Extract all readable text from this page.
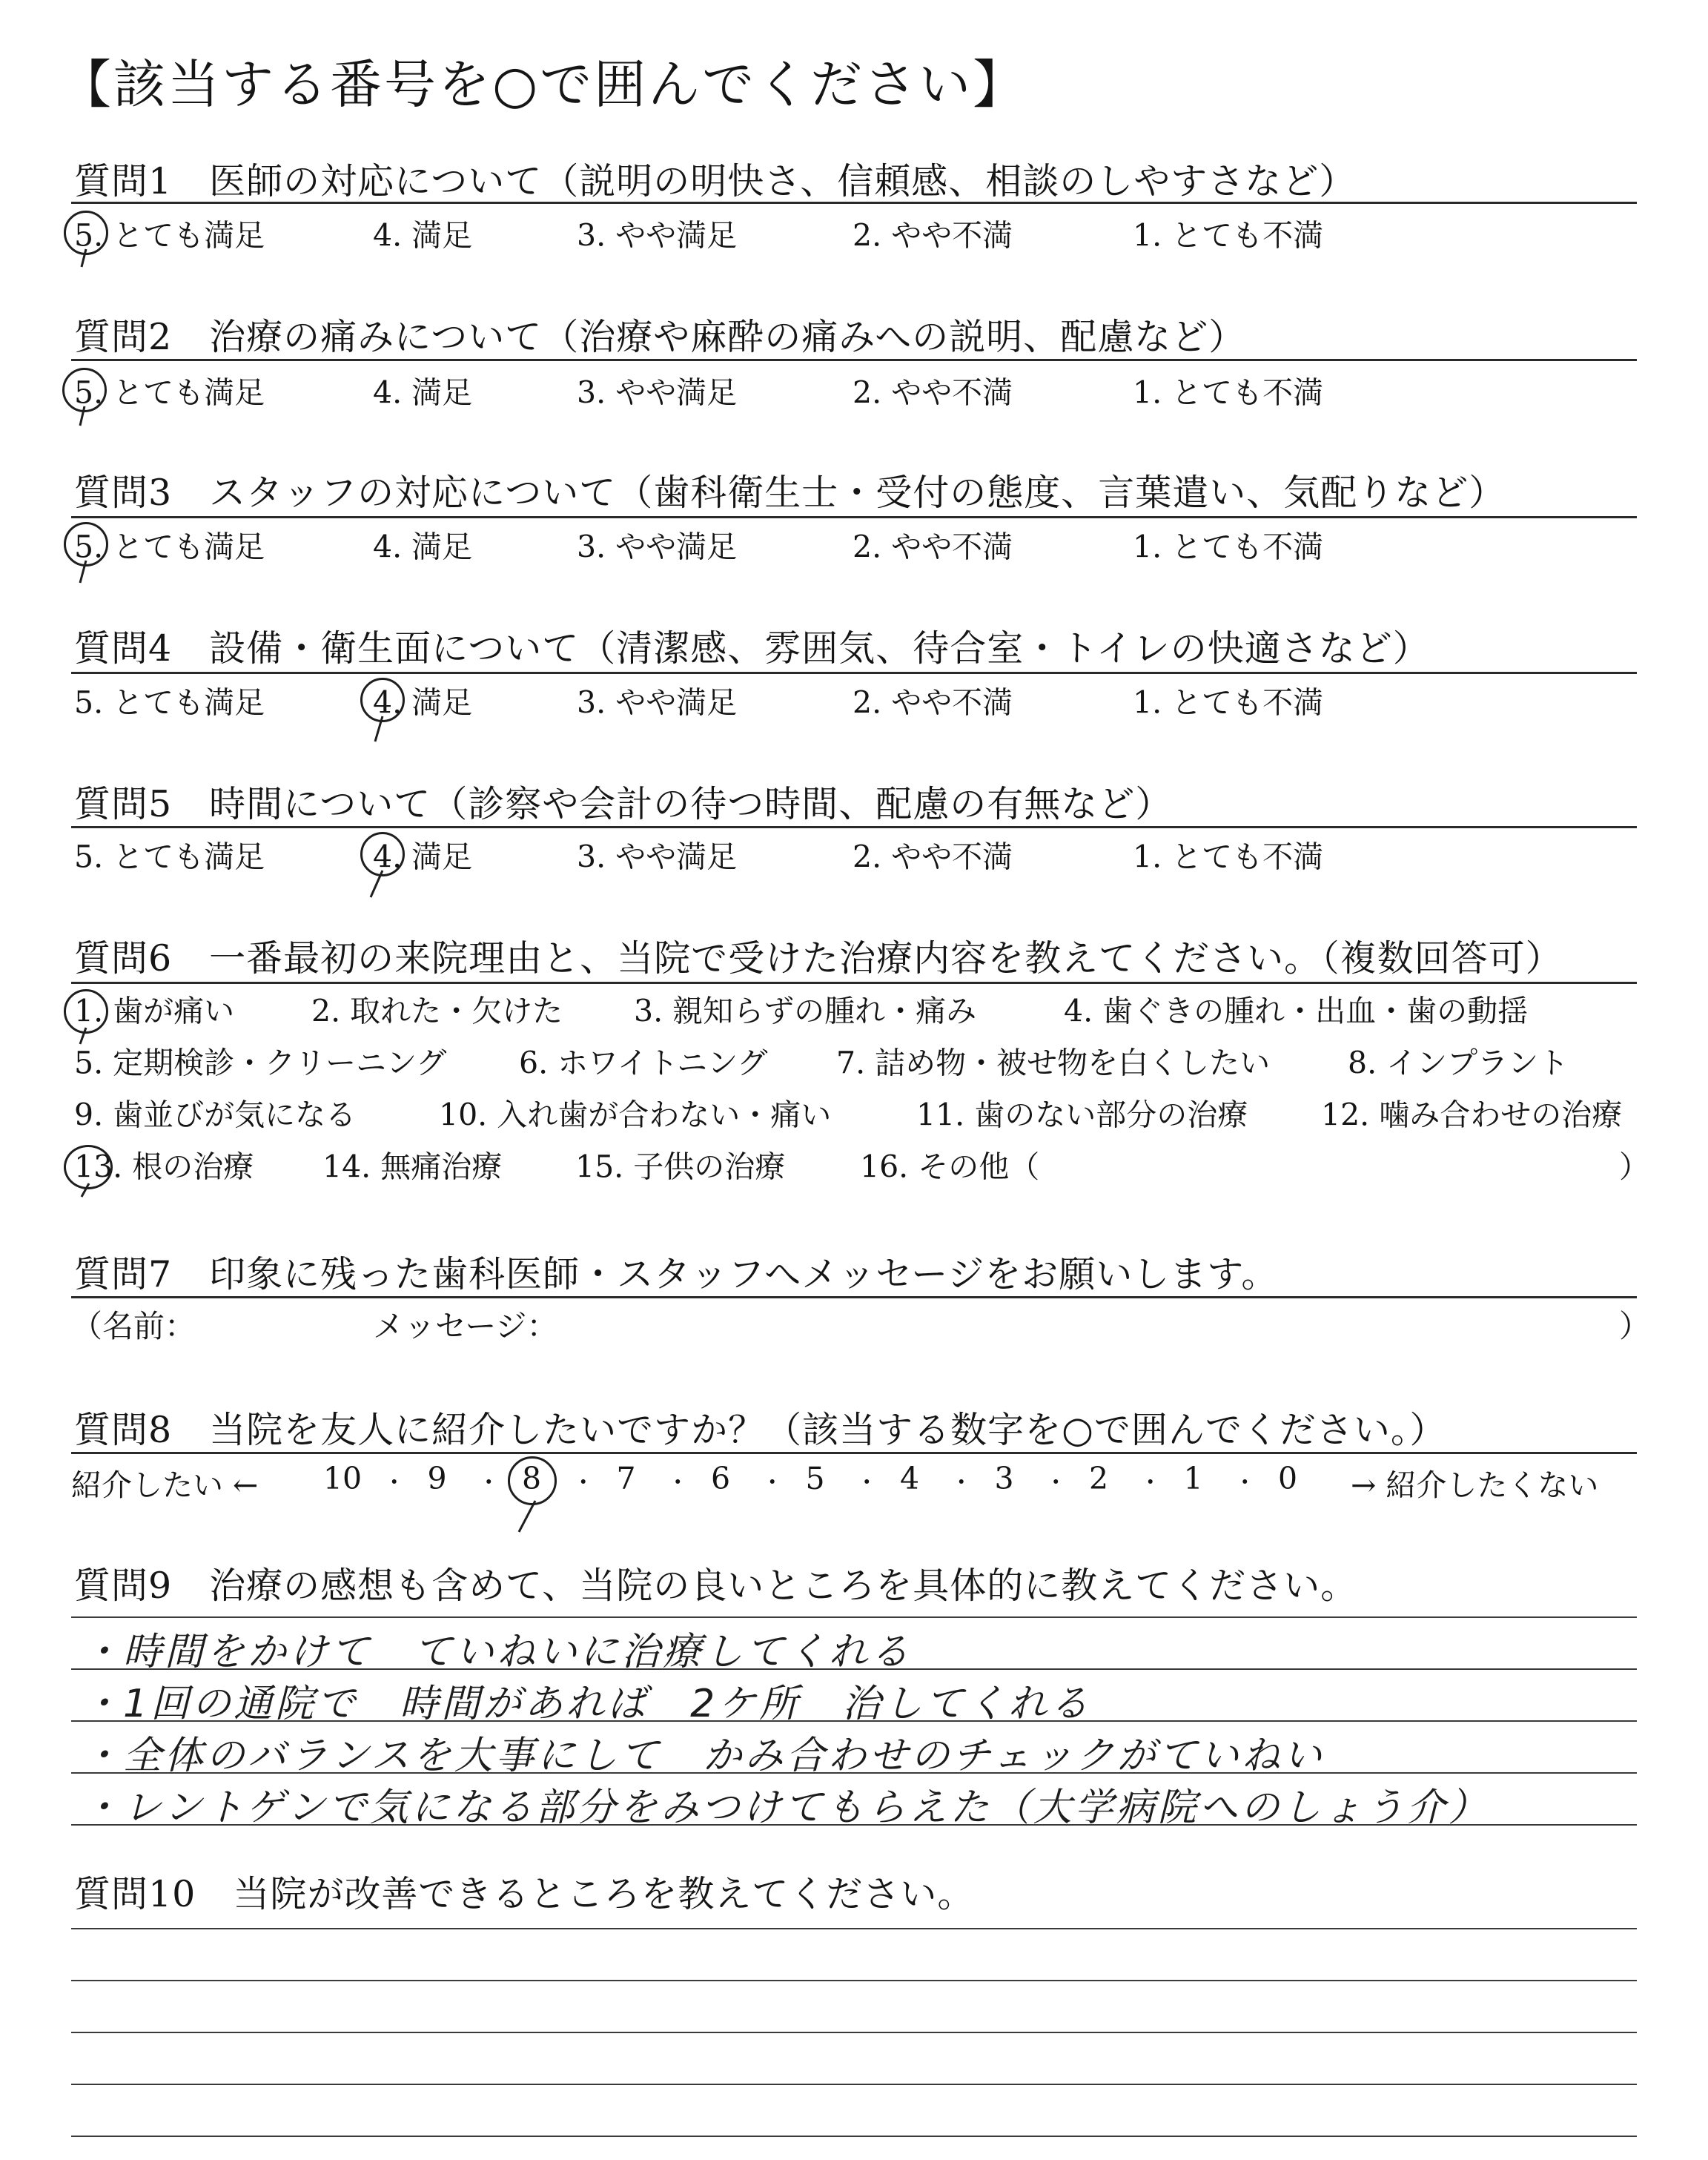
【該当する番号を○で囲んでください】
質問1　医師の対応について（説明の明快さ、信頼感、相談のしやすさなど）
5. とても満足	4. 満足	3. やや満足	2. やや不満	1. とても不満
質問2　治療の痛みについて（治療や麻酔の痛みへの説明、配慮など）
5. とても満足	4. 満足	3. やや満足	2. やや不満	1. とても不満
質問3　スタッフの対応について（歯科衛生士・受付の態度、言葉遣い、気配りなど）
5. とても満足	4. 満足	3. やや満足	2. やや不満	1. とても不満
質問4　設備・衛生面について（清潔感、雰囲気、待合室・トイレの快適さなど）
5. とても満足	4. 満足	3. やや満足	2. やや不満	1. とても不満
質問5　時間について（診察や会計の待つ時間、配慮の有無など）
5. とても満足	4. 満足	3. やや満足	2. やや不満	1. とても不満
質問6　一番最初の来院理由と、当院で受けた治療内容を教えてください。（複数回答可）
1. 歯が痛い	2. 取れた・欠けた 3. 親知らずの腫れ・痛み	4. 歯ぐきの腫れ・出血・歯の動揺
5. 定期検診・クリーニング 6. ホワイトニング 7. 詰め物・被せ物を白くしたい	8. インプラント
9. 歯並びが気になる	10. 入れ歯が合わない・痛い	11. 歯のない部分の治療 12. 噛み合わせの治療
13. 根の治療 14. 無痛治療 15. 子供の治療 16. その他（	）
質問7　印象に残った歯科医師・スタッフへメッセージをお願いします。
（名前：	メッセージ：	）
質問8　当院を友人に紹介したいですか？（該当する数字を○で囲んでください。）
紹介したい ← 10 ・ 9	・ 8	・ 7	・ 6	・ 5	・ 4	・ 3	・ 2	・ 1	・ 0	→ 紹介したくない
質問9　治療の感想も含めて、当院の良いところを具体的に教えてください。
・時間をかけて　ていねいに治療してくれる
・1回の通院で　時間があれば　2ケ所　治してくれる
・全体のバランスを大事にして　かみ合わせのチェックがていねい
・レントゲンで気になる部分をみつけてもらえた（大学病院へのしょう介）
質問10　当院が改善できるところを教えてください。
